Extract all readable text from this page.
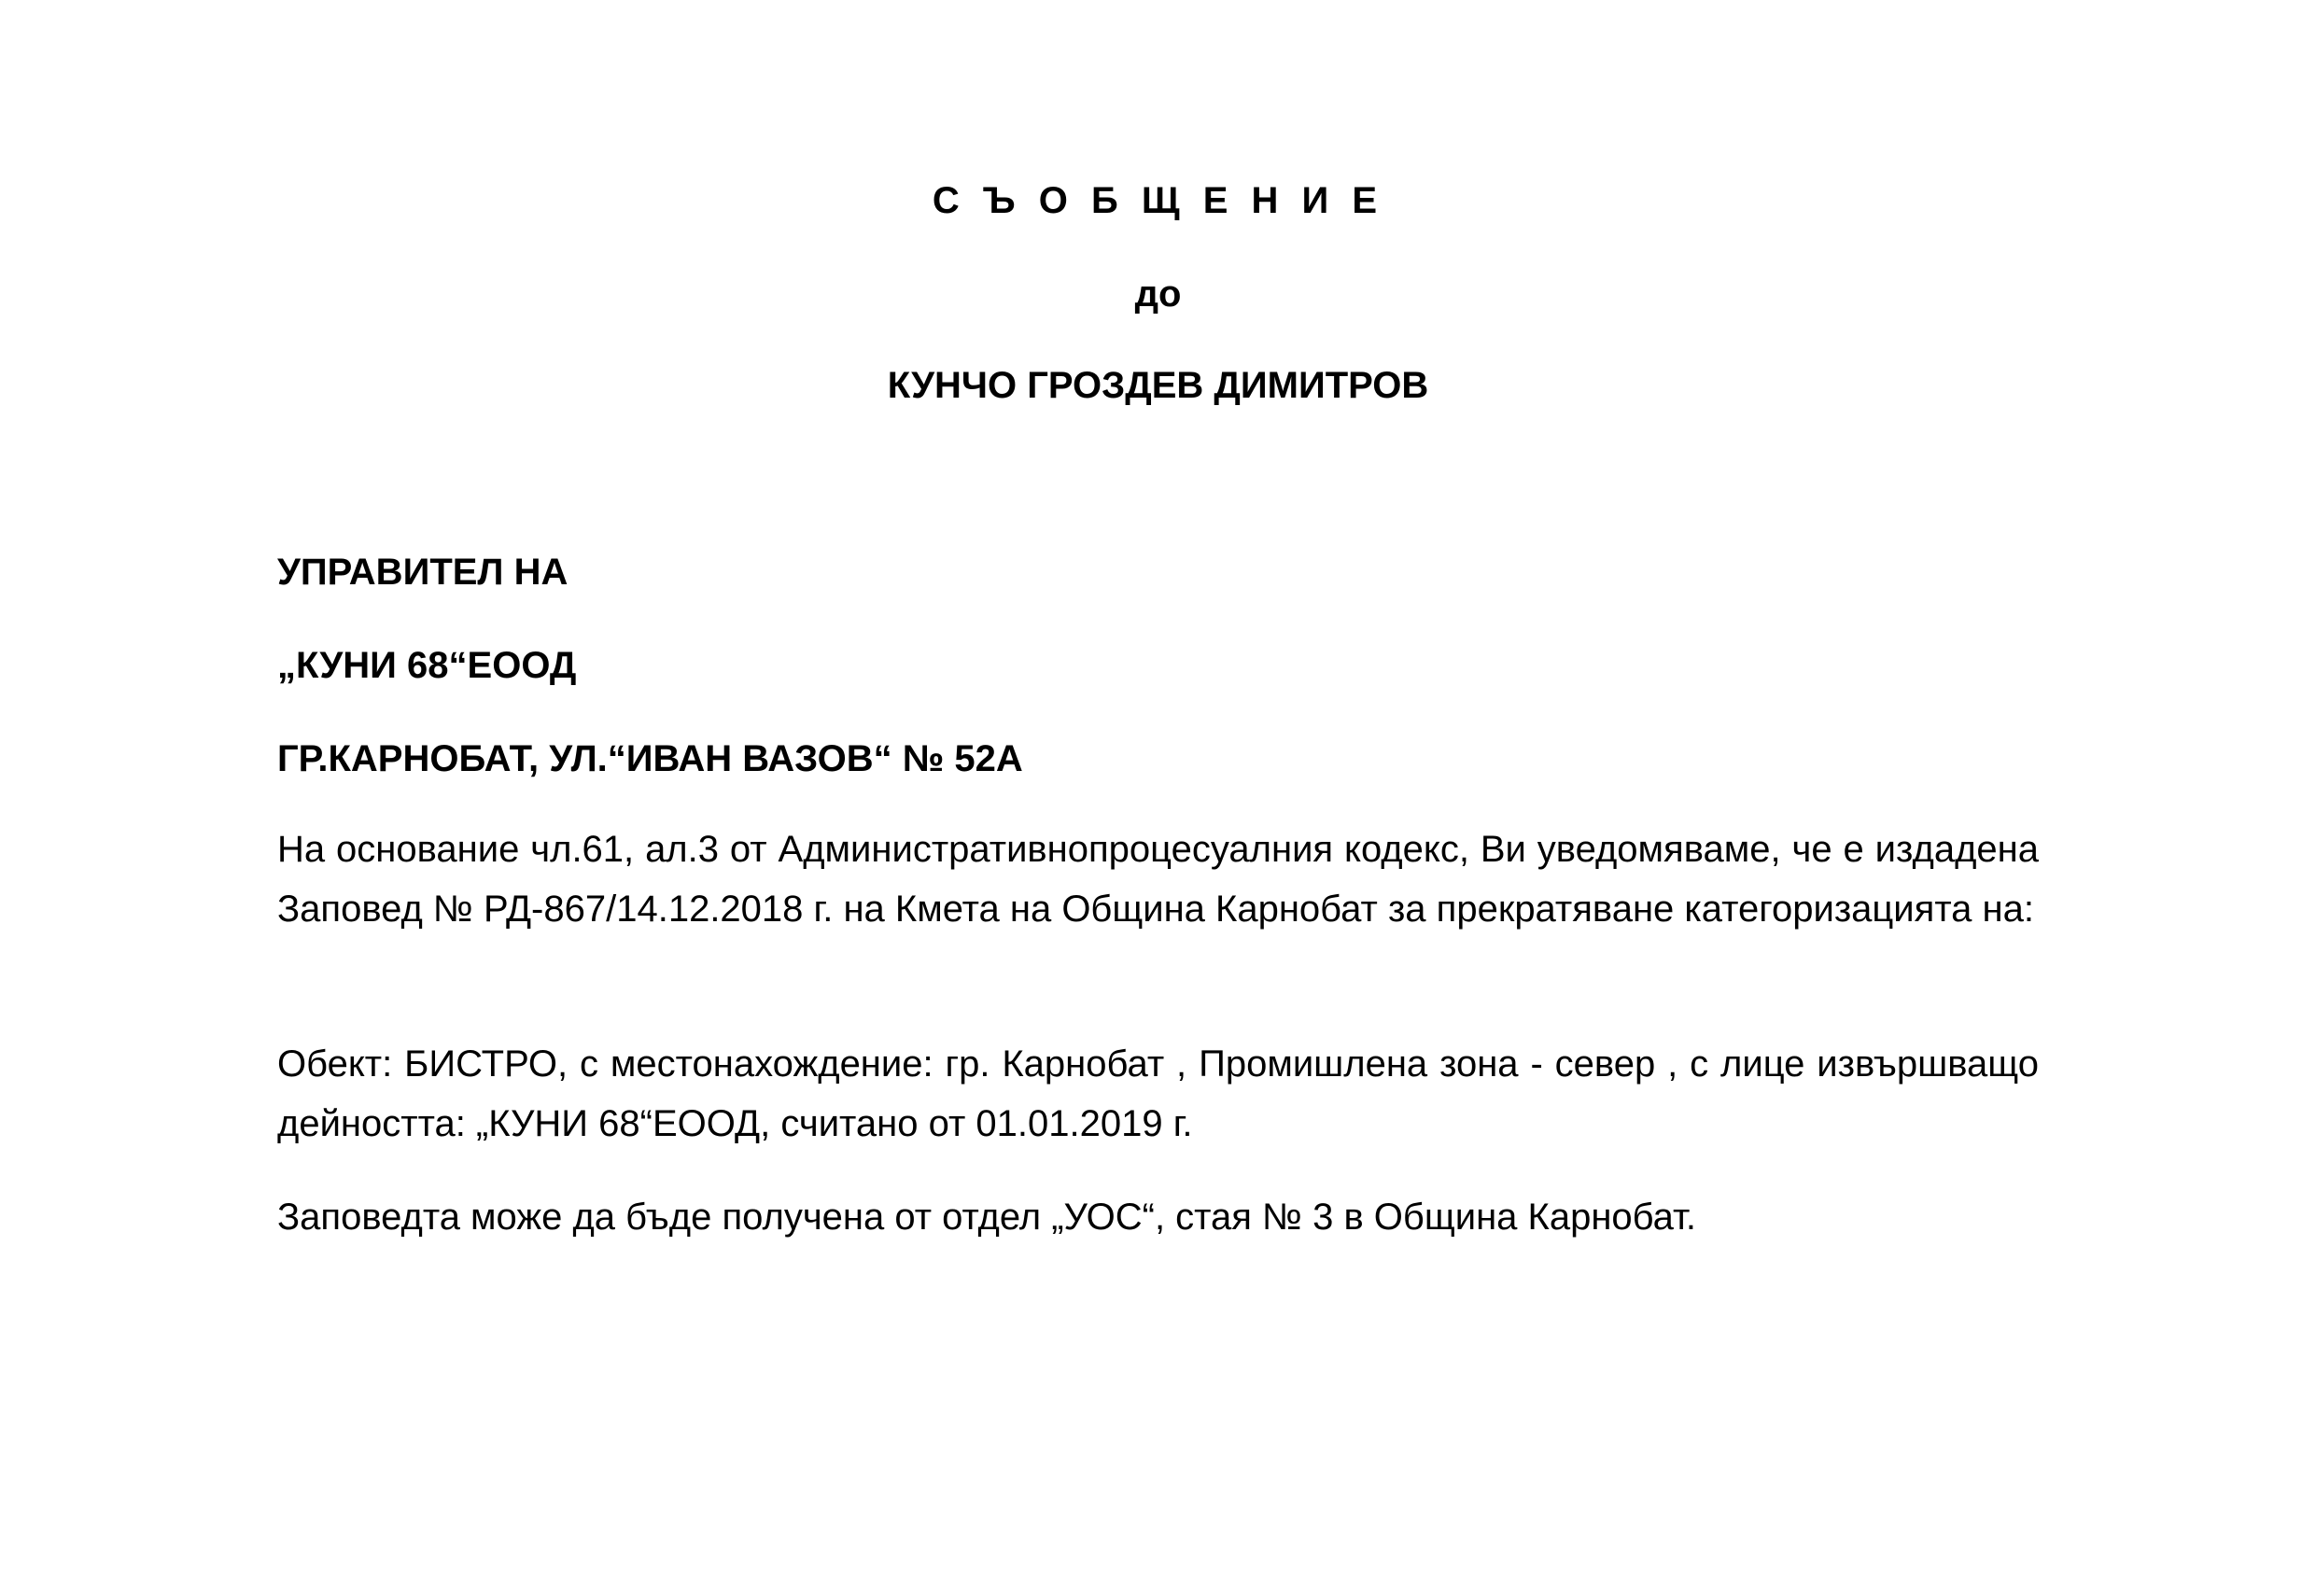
С Ъ О Б Щ Е Н И Е
до
КУНЧО ГРОЗДЕВ ДИМИТРОВ
УПРАВИТЕЛ НА
„КУНИ 68“ЕООД
ГР.КАРНОБАТ, УЛ.“ИВАН ВАЗОВ“ № 52А

На основание чл.61, ал.3 от Административнопроцесуалния кодекс, Ви уведомяваме, че е издадена Заповед № РД-867/14.12.2018 г. на Кмета на Община Карнобат за прекратяване категоризацията на:

Обект: БИСТРО, с местонахождение: гр. Карнобат , Промишлена зона - север , с лице извършващо дейността: „КУНИ 68“ЕООД, считано от 01.01.2019 г.

Заповедта може да бъде получена от отдел „УОС“, стая № 3 в Община Карнобат.
